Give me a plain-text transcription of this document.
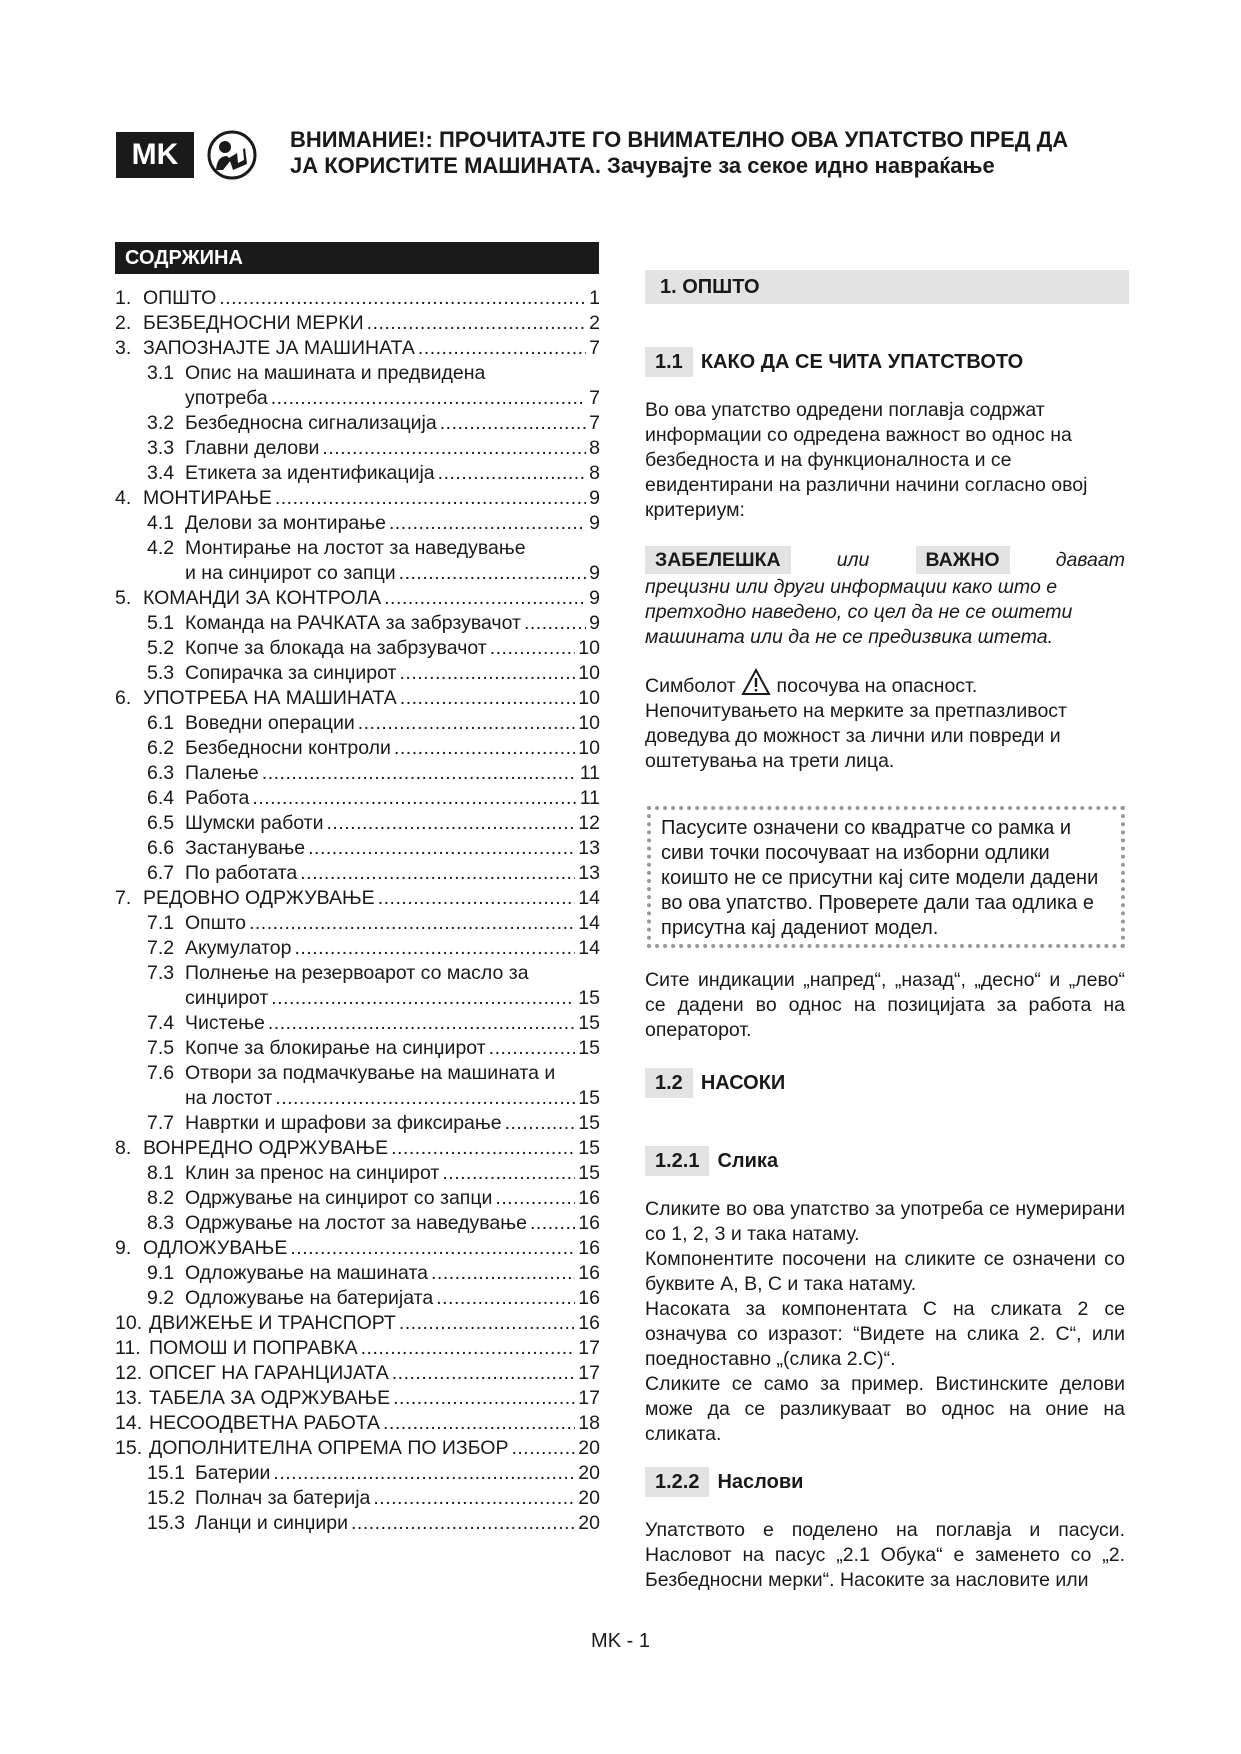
MK	ВНИМАНИЕ!: ПРОЧИТАЈТЕ ГО ВНИМАТЕЛНО ОВА УПАТСТВО ПРЕД ДА
ЈА КОРИСТИТЕ МАШИНАТА. Зачувајте за секое идно навраќање
СОДРЖИНА
1. ОПШТО .....	1
2. БЕЗБЕДНОСНИ МЕРКИ .....	2
3. ЗАПОЗНАЈТЕ ЈА МАШИНАТА .....	7
3.1 Опис на машината и предвидена
употреба .....	7
3.2 Безбедносна сигнализација .....	7
3.3 Главни делови .....	8
3.4 Етикета за идентификација .....	8
4. МОНТИРАЊЕ .....	9
4.1 Делови за монтирање .....	9
4.2 Монтирање на лостот за наведување
и на синџирот со запци .....	9
5. КОМАНДИ ЗА КОНТРОЛА .....	9
5.1 Команда на РАЧКАТА за забрзувачот .....	9
5.2 Копче за блокада на забрзувачот .....	10
5.3 Сопирачка за синџирот .....	10
6. УПОТРЕБА НА МАШИНАТА .....	10
6.1 Воведни операции .....	10
6.2 Безбедносни контроли .....	10
6.3 Палење .....	11
6.4 Работа .....	11
6.5 Шумски работи .....	12
6.6 Застанување .....	13
6.7 По работата .....	13
7. РЕДОВНО ОДРЖУВАЊЕ .....	14
7.1 Општо .....	14
7.2 Акумулатор .....	14
7.3 Полнење на резервоарот со масло за
синџирот .....	15
7.4 Чистење .....	15
7.5 Копче за блокирање на синџирот .....	15
7.6 Отвори за подмачкување на машината и
на лостот .....	15
7.7 Навртки и шрафови за фиксирање .....	15
8. ВОНРЕДНО ОДРЖУВАЊЕ .....	15
8.1 Клин за пренос на синџирот .....	15
8.2 Одржување на синџирот со запци .....	16
8.3 Одржување на лостот за наведување .....	16
9. ОДЛОЖУВАЊЕ .....	16
9.1 Одложување на машината .....	16
9.2 Одложување на батеријата .....	16
10. ДВИЖЕЊЕ И ТРАНСПОРТ .....	16
11. ПОМОШ И ПОПРАВКА .....	17
12. ОПСЕГ НА ГАРАНЦИЈАТА .....	17
13. ТАБЕЛА ЗА ОДРЖУВАЊЕ .....	17
14. НЕСООДВЕТНА РАБОТА .....	18
15. ДОПОЛНИТЕЛНА ОПРЕМА ПО ИЗБОР .....	20
15.1 Батерии .....	20
15.2 Полнач за батерија .....	20
15.3 Ланци и синџири .....	20
1. ОПШТО
1.1 КАКО ДА СЕ ЧИТА УПАТСТВОТО

Во ова упатство одредени поглавја содржат информации со одредена важност во однос на безбедноста и на функционалноста и се евидентирани на различни начини согласно овој критериум:

ЗАБЕЛЕШКА	или	ВАЖНО	даваат

прецизни или други информации како што е претходно наведено, со цел да не се оштети машината или да не се предизвика штета.

Симболот посочува на опасност.

Непочитувањето на мерките за претпазливост доведува до можност за лични или повреди и оштетувања на трети лица.

Пасусите означени со квадратче со рамка и сиви точки посочуваат на изборни одлики коишто не се присутни кај сите модели дадени во ова упатство. Проверете дали таа одлика е присутна кај дадениот модел.

Сите индикации „напред“, „назад“, „десно“ и „лево“ се дадени во однос на позицијата за работа на операторот.

1.2 НАСОКИ
1.2.1 Слика

Сликите во ова упатство за употреба се нумерирани со 1, 2, 3 и така натаму.

Компонентите посочени на сликите се означени со буквите A, B, C и така натаму.

Насоката за компонентата C на сликата 2 се означува со изразот: “Видете на слика 2. C“, или поедноставно „(слика 2.C)“.

Сликите се само за пример. Вистинските делови може да се разликуваат во однос на оние на сликата.

1.2.2 Наслови

Упатството е поделено на поглавја и пасуси. Насловот на пасус „2.1 Обука“ е заменето со „2. Безбедносни мерки“. Насоките за насловите или

MK - 1
